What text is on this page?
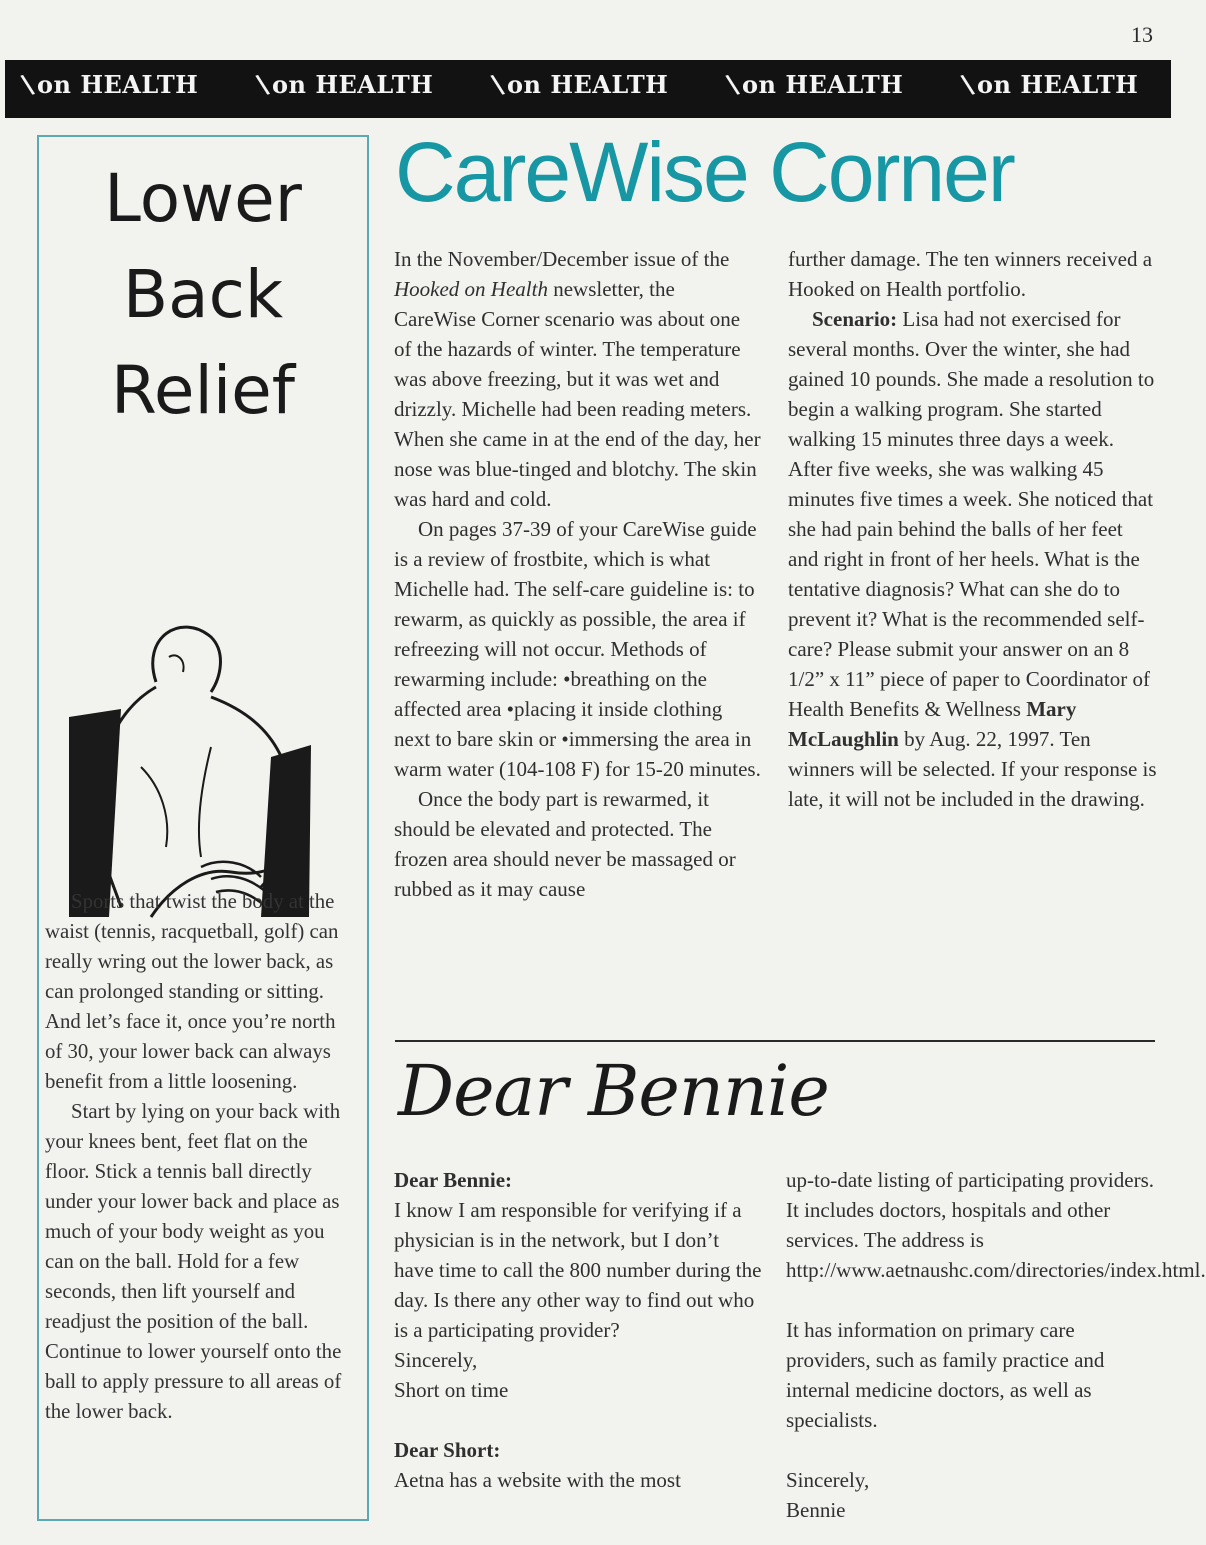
13
\on HEALTH \on HEALTH \on HEALTH \on HEALTH \on HEALTH
Lower
Back
Relief

Sports that twist the body at the waist (tennis, racquetball, golf) can really wring out the lower back, as can prolonged standing or sitting. And let’s face it, once you’re north of 30, your lower back can always benefit from a little loosening.

Start by lying on your back with your knees bent, feet flat on the floor. Stick a tennis ball directly under your lower back and place as much of your body weight as you can on the ball. Hold for a few seconds, then lift yourself and readjust the position of the ball. Continue to lower yourself onto the ball to apply pressure to all areas of the lower back.

CareWise Corner

In the November/December issue of the Hooked on Health newsletter, the CareWise Corner scenario was about one of the hazards of winter. The temperature was above freezing, but it was wet and drizzly. Michelle had been reading meters. When she came in at the end of the day, her nose was blue-tinged and blotchy. The skin was hard and cold.

On pages 37-39 of your CareWise guide is a review of frostbite, which is what Michelle had. The self-care guideline is: to rewarm, as quickly as possible, the area if refreezing will not occur. Methods of rewarming include: •breathing on the affected area •placing it inside clothing next to bare skin or •immersing the area in warm water (104-108 F) for 15-20 minutes.

Once the body part is rewarmed, it should be elevated and protected. The frozen area should never be massaged or rubbed as it may cause

further damage. The ten winners received a Hooked on Health portfolio.

Scenario: Lisa had not exercised for several months. Over the winter, she had gained 10 pounds. She made a resolution to begin a walking program. She started walking 15 minutes three days a week. After five weeks, she was walking 45 minutes five times a week. She noticed that she had pain behind the balls of her feet and right in front of her heels. What is the tentative diagnosis? What can she do to prevent it? What is the recommended self-care? Please submit your answer on an 8 1/2” x 11” piece of paper to Coordinator of Health Benefits & Wellness Mary McLaughlin by Aug. 22, 1997. Ten winners will be selected. If your response is late, it will not be included in the drawing.

Dear Bennie

Dear Bennie:

I know I am responsible for verifying if a physician is in the network, but I don’t have time to call the 800 number during the day. Is there any other way to find out who is a participating provider?

Sincerely,

Short on time

Dear Short:

Aetna has a website with the most

up-to-date listing of participating providers. It includes doctors, hospitals and other services. The address is http://www.aetnaushc.com/directories/index.html.

It has information on primary care providers, such as family practice and internal medicine doctors, as well as specialists.

Sincerely,

Bennie
